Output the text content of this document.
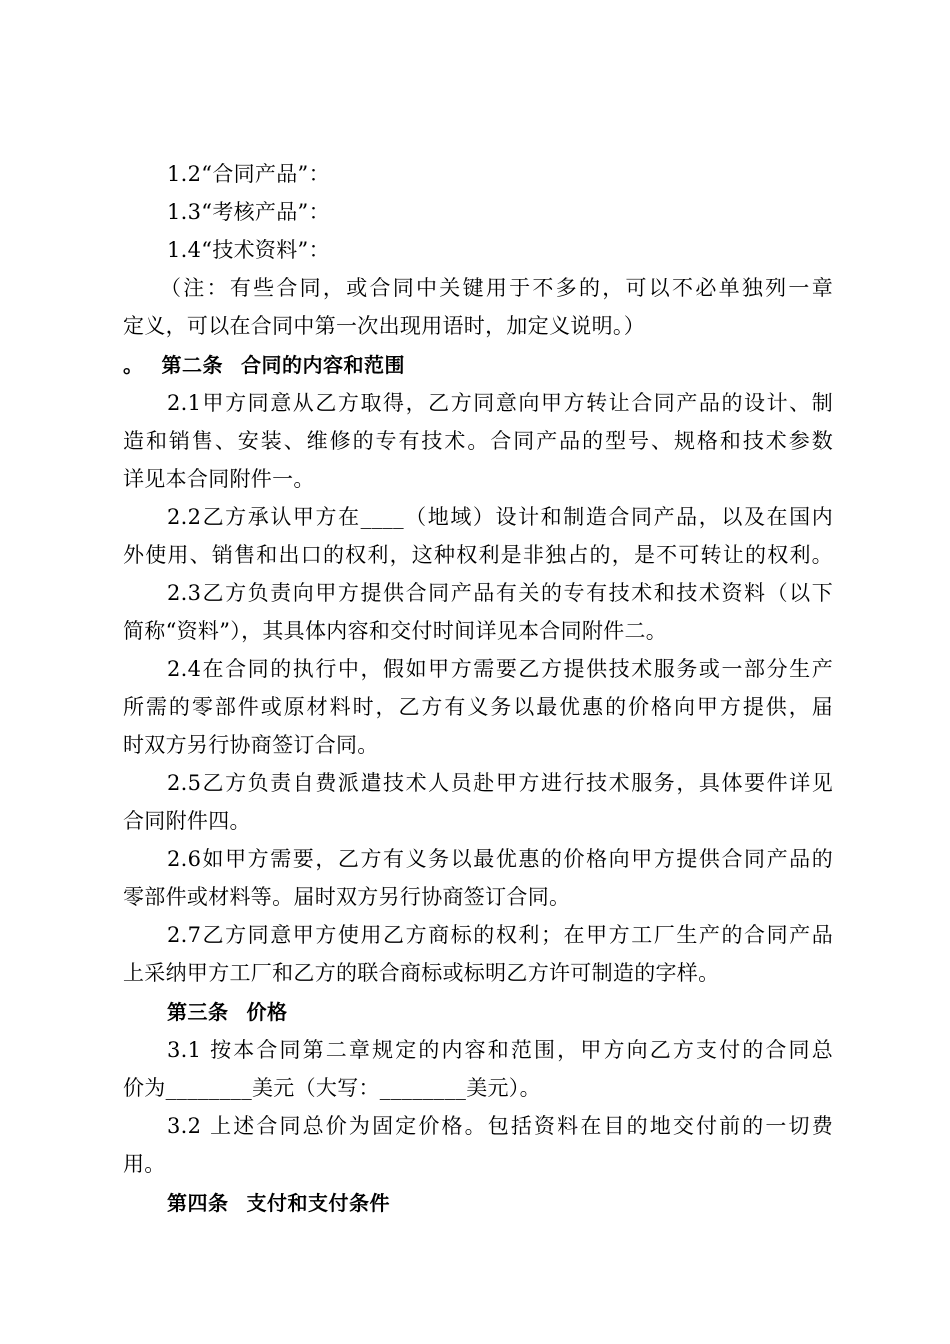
1.2“合同产品”：
1.3“考核产品”：
1.4“技术资料”：
（注：有些合同，或合同中关键用于不多的，可以不必单独列一章
定义，可以在合同中第一次出现用语时，加定义说明。）
。 第二条 合同的内容和范围
2.1甲方同意从乙方取得，乙方同意向甲方转让合同产品的设计、制
造和销售、安装、维修的专有技术。合同产品的型号、规格和技术参数
详见本合同附件一。
2.2乙方承认甲方在____（地域）设计和制造合同产品，以及在国内
外使用、销售和出口的权利，这种权利是非独占的，是不可转让的权利。
2.3乙方负责向甲方提供合同产品有关的专有技术和技术资料（以下
简称“资料”），其具体内容和交付时间详见本合同附件二。
2.4在合同的执行中，假如甲方需要乙方提供技术服务或一部分生产
所需的零部件或原材料时，乙方有义务以最优惠的价格向甲方提供，届
时双方另行协商签订合同。
2.5乙方负责自费派遣技术人员赴甲方进行技术服务，具体要件详见
合同附件四。
2.6如甲方需要，乙方有义务以最优惠的价格向甲方提供合同产品的
零部件或材料等。届时双方另行协商签订合同。
2.7乙方同意甲方使用乙方商标的权利；在甲方工厂生产的合同产品
上采纳甲方工厂和乙方的联合商标或标明乙方许可制造的字样。
第三条 价格
3.1 按本合同第二章规定的内容和范围，甲方向乙方支付的合同总
价为________美元（大写：________美元）。
3.2 上述合同总价为固定价格。包括资料在目的地交付前的一切费
用。
第四条 支付和支付条件
